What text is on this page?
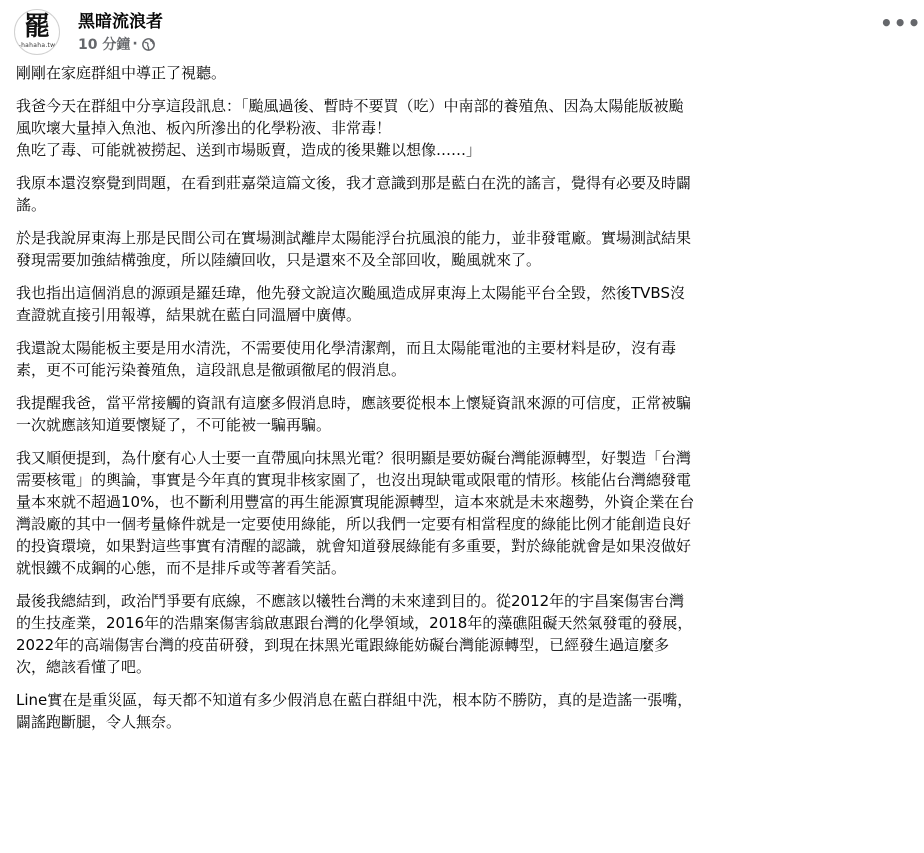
罷
-hahaha.tw
黑暗流浪者
10 分鐘 ·
•••
剛剛在家庭群組中導正了視聽。
我爸今天在群組中分享這段訊息：「颱風過後、暫時不要買（吃）中南部的養殖魚、因為太陽能版被颱
風吹壞大量掉入魚池、板內所滲出的化學粉液、非常毒！
魚吃了毒、可能就被撈起、送到市場販賣，造成的後果難以想像……」
我原本還沒察覺到問題，在看到莊嘉榮這篇文後，我才意識到那是藍白在洗的謠言，覺得有必要及時闢
謠。
於是我說屏東海上那是民間公司在實場測試離岸太陽能浮台抗風浪的能力，並非發電廠。實場測試結果
發現需要加強結構強度，所以陸續回收，只是還來不及全部回收，颱風就來了。
我也指出這個消息的源頭是羅廷瑋，他先發文說這次颱風造成屏東海上太陽能平台全毀，然後TVBS沒
查證就直接引用報導，結果就在藍白同溫層中廣傳。
我還說太陽能板主要是用水清洗，不需要使用化學清潔劑，而且太陽能電池的主要材料是矽，沒有毒
素，更不可能污染養殖魚，這段訊息是徹頭徹尾的假消息。
我提醒我爸，當平常接觸的資訊有這麼多假消息時，應該要從根本上懷疑資訊來源的可信度，正常被騙
一次就應該知道要懷疑了，不可能被一騙再騙。
我又順便提到，為什麼有心人士要一直帶風向抹黑光電？很明顯是要妨礙台灣能源轉型，好製造「台灣
需要核電」的輿論，事實是今年真的實現非核家園了，也沒出現缺電或限電的情形。核能佔台灣總發電
量本來就不超過10%，也不斷利用豐富的再生能源實現能源轉型，這本來就是未來趨勢，外資企業在台
灣設廠的其中一個考量條件就是一定要使用綠能，所以我們一定要有相當程度的綠能比例才能創造良好
的投資環境，如果對這些事實有清醒的認識，就會知道發展綠能有多重要，對於綠能就會是如果沒做好
就恨鐵不成鋼的心態，而不是排斥或等著看笑話。
最後我總結到，政治鬥爭要有底線，不應該以犧牲台灣的未來達到目的。從2012年的宇昌案傷害台灣
的生技產業，2016年的浩鼎案傷害翁啟惠跟台灣的化學領域，2018年的藻礁阻礙天然氣發電的發展，
2022年的高端傷害台灣的疫苗研發，到現在抹黑光電跟綠能妨礙台灣能源轉型，已經發生過這麼多
次，總該看懂了吧。
Line實在是重災區，每天都不知道有多少假消息在藍白群組中洗，根本防不勝防，真的是造謠一張嘴，
闢謠跑斷腿，令人無奈。
